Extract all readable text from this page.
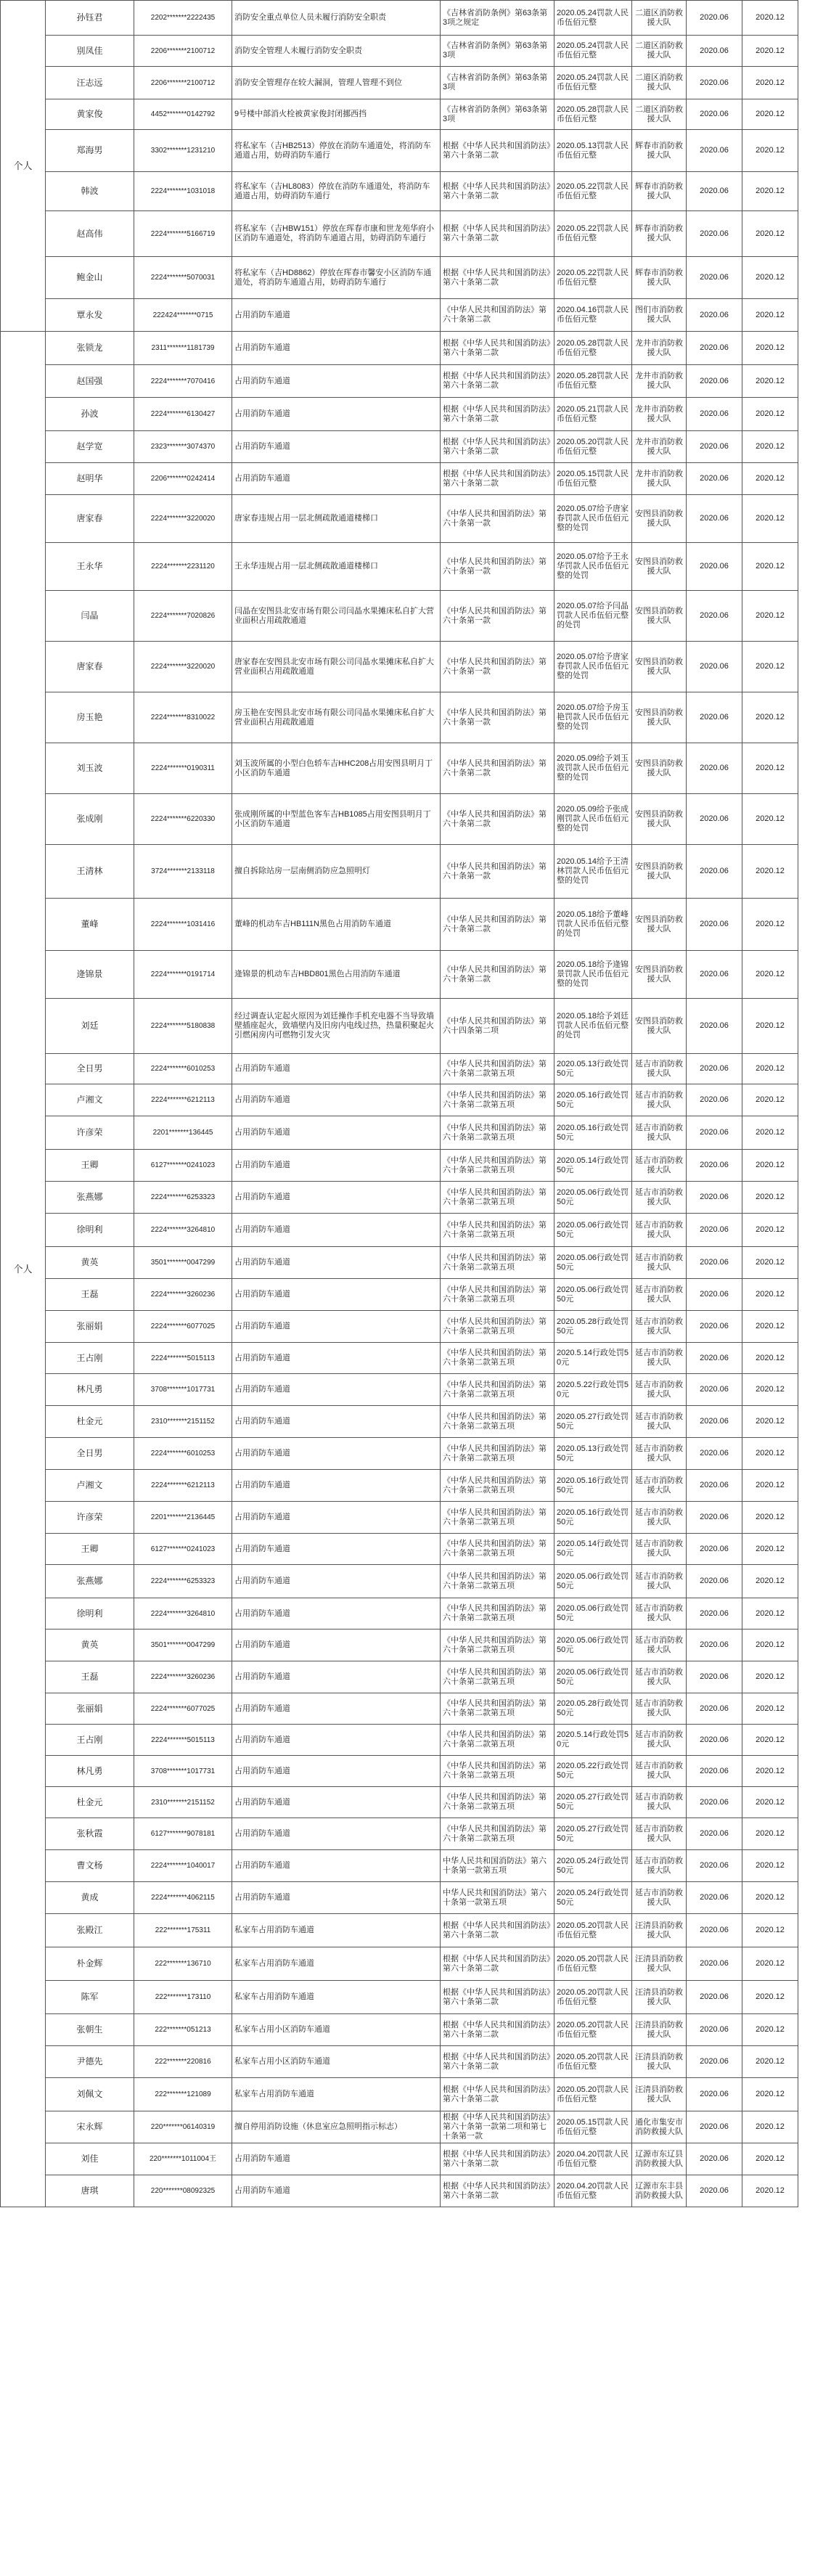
个人	孙钰君	2202*******2222435	消防安全重点单位人员未履行消防安全职责	《吉林省消防条例》第63条第3项之规定	2020.05.24罚款人民币伍佰元整	二道区消防救援大队	2020.06	2020.12
	别凤佳	2206*******2100712	消防安全管理人未履行消防安全职责	《吉林省消防条例》第63条第3项	2020.05.24罚款人民币伍佰元整	二道区消防救援大队	2020.06	2020.12
	汪志远	2206*******2100712	消防安全管理存在较大漏洞，管理人管理不到位	《吉林省消防条例》第63条第3项	2020.05.24罚款人民币伍佰元整	二道区消防救援大队	2020.06	2020.12
	黄家俊	4452*******0142792	9号楼中部消火栓被黄家俊封闭挪西挡	《吉林省消防条例》第63条第3项	2020.05.28罚款人民币伍佰元整	二道区消防救援大队	2020.06	2020.12
	郑海男	3302*******1231210	将私家车（吉HB2513）停放在消防车通道处，将消防车通道占用，妨碍消防车通行	根据《中华人民共和国消防法》第六十条第二款	2020.05.13罚款人民币伍佰元整	辉春市消防救援大队	2020.06	2020.12
	韩波	2224*******1031018	将私家车（吉HL8083）停放在消防车通道处，将消防车通道占用，妨碍消防车通行	根据《中华人民共和国消防法》第六十条第二款	2020.05.22罚款人民币伍佰元整	辉春市消防救援大队	2020.06	2020.12
	赵高伟	2224*******5166719	将私家车（吉HBW151）停放在珲春市康和世龙苑华府小区消防车通道处，将消防车通道占用，妨碍消防车通行	根据《中华人民共和国消防法》第六十条第二款	2020.05.22罚款人民币伍佰元整	辉春市消防救援大队	2020.06	2020.12
	鲍金山	2224*******5070031	将私家车（吉HD8862）停放在珲春市馨安小区消防车通道处，将消防车通道占用，妨碍消防车通行	根据《中华人民共和国消防法》第六十条第二款	2020.05.22罚款人民币伍佰元整	辉春市消防救援大队	2020.06	2020.12
	覃永发	222424*******0715	占用消防车通道	《中华人民共和国消防法》第六十条第二款	2020.04.16罚款人民币伍佰元整	图们市消防救援大队	2020.06	2020.12
个人	张锁龙	2311*******1181739	占用消防车通道	根据《中华人民共和国消防法》第六十条第二款	2020.05.28罚款人民币伍佰元整	龙井市消防救援大队	2020.06	2020.12
	赵国强	2224*******7070416	占用消防车通道	根据《中华人民共和国消防法》第六十条第二款	2020.05.28罚款人民币伍佰元整	龙井市消防救援大队	2020.06	2020.12
	孙波	2224*******6130427	占用消防车通道	根据《中华人民共和国消防法》第六十条第二款	2020.05.21罚款人民币伍佰元整	龙井市消防救援大队	2020.06	2020.12
	赵学宽	2323*******3074370	占用消防车通道	根据《中华人民共和国消防法》第六十条第二款	2020.05.20罚款人民币伍佰元整	龙井市消防救援大队	2020.06	2020.12
	赵明华	2206*******0242414	占用消防车通道	根据《中华人民共和国消防法》第六十条第二款	2020.05.15罚款人民币伍佰元整	龙井市消防救援大队	2020.06	2020.12
	唐家春	2224*******3220020	唐家春违规占用一层北侧疏散通道楼梯口	《中华人民共和国消防法》第六十条第一款	2020.05.07给予唐家春罚款人民币伍佰元整的处罚	安图县消防救援大队	2020.06	2020.12
	王永华	2224*******2231120	王永华违规占用一层北侧疏散通道楼梯口	《中华人民共和国消防法》第六十条第一款	2020.05.07给予王永华罚款人民币伍佰元整的处罚	安图县消防救援大队	2020.06	2020.12
	闫晶	2224*******7020826	闫晶在安图县北安市场有限公司闫晶水果摊床私自扩大营业面积占用疏散通道	《中华人民共和国消防法》第六十条第一款	2020.05.07给予闫晶罚款人民币伍佰元整的处罚	安图县消防救援大队	2020.06	2020.12
	唐家春	2224*******3220020	唐家春在安图县北安市场有限公司闫晶水果摊床私自扩大营业面积占用疏散通道	《中华人民共和国消防法》第六十条第一款	2020.05.07给予唐家春罚款人民币伍佰元整的处罚	安图县消防救援大队	2020.06	2020.12
	房玉艳	2224*******8310022	房玉艳在安图县北安市场有限公司闫晶水果摊床私自扩大营业面积占用疏散通道	《中华人民共和国消防法》第六十条第一款	2020.05.07给予房玉艳罚款人民币伍佰元整的处罚	安图县消防救援大队	2020.06	2020.12
	刘玉波	2224*******0190311	刘玉波所属的小型白色轿车吉HHC208占用安图县明月丁小区消防车通道	《中华人民共和国消防法》第六十条第二款	2020.05.09给予刘玉波罚款人民币伍佰元整的处罚	安图县消防救援大队	2020.06	2020.12
	张成刚	2224*******6220330	张成刚所属的中型蓝色客车吉HB1085占用安图县明月丁小区消防车通道	《中华人民共和国消防法》第六十条第二款	2020.05.09给予张成刚罚款人民币伍佰元整的处罚	安图县消防救援大队	2020.06	2020.12
	王清林	3724*******2133118	擅自拆除站房一层南侧消防应急照明灯	《中华人民共和国消防法》第六十条第一款	2020.05.14给予王清林罚款人民币伍佰元整的处罚	安图县消防救援大队	2020.06	2020.12
	董峰	2224*******1031416	董峰的机动车吉HB111N黑色占用消防车通道	《中华人民共和国消防法》第六十条第二款	2020.05.18给予董峰罚款人民币伍佰元整的处罚	安图县消防救援大队	2020.06	2020.12
	逄锦景	2224*******0191714	逄锦景的机动车吉HBD801黑色占用消防车通道	《中华人民共和国消防法》第六十条第二款	2020.05.18给予逄锦景罚款人民币伍佰元整的处罚	安图县消防救援大队	2020.06	2020.12
	刘廷	2224*******5180838	经过调查认定起火原因为刘廷操作手机充电器不当导致墙壁插座起火，致墙壁内及旧房内电线过热，热量积聚起火引燃闲房内可燃物引发火灾	《中华人民共和国消防法》第六十四条第二项	2020.05.18给予刘廷罚款人民币伍佰元整的处罚	安图县消防救援大队	2020.06	2020.12
	全日男	2224*******6010253	占用消防车通道	《中华人民共和国消防法》第六十条第二款第五项	2020.05.13行政处罚50元	延吉市消防救援大队	2020.06	2020.12
	卢湘文	2224*******6212113	占用消防车通道	《中华人民共和国消防法》第六十条第二款第五项	2020.05.16行政处罚50元	延吉市消防救援大队	2020.06	2020.12
	许彦荣	2201*******136445	占用消防车通道	《中华人民共和国消防法》第六十条第二款第五项	2020.05.16行政处罚50元	延吉市消防救援大队	2020.06	2020.12
	王卿	6127*******0241023	占用消防车通道	《中华人民共和国消防法》第六十条第二款第五项	2020.05.14行政处罚50元	延吉市消防救援大队	2020.06	2020.12
	张燕娜	2224*******6253323	占用消防车通道	《中华人民共和国消防法》第六十条第二款第五项	2020.05.06行政处罚50元	延吉市消防救援大队	2020.06	2020.12
	徐明利	2224*******3264810	占用消防车通道	《中华人民共和国消防法》第六十条第二款第五项	2020.05.06行政处罚50元	延吉市消防救援大队	2020.06	2020.12
	黄英	3501*******0047299	占用消防车通道	《中华人民共和国消防法》第六十条第二款第五项	2020.05.06行政处罚50元	延吉市消防救援大队	2020.06	2020.12
	王磊	2224*******3260236	占用消防车通道	《中华人民共和国消防法》第六十条第二款第五项	2020.05.06行政处罚50元	延吉市消防救援大队	2020.06	2020.12
	张丽娟	2224*******6077025	占用消防车通道	《中华人民共和国消防法》第六十条第二款第五项	2020.05.28行政处罚50元	延吉市消防救援大队	2020.06	2020.12
	王占刚	2224*******5015113	占用消防车通道	《中华人民共和国消防法》第六十条第二款第五项	2020.5.14行政处罚50元	延吉市消防救援大队	2020.06	2020.12
	林凡勇	3708*******1017731	占用消防车通道	《中华人民共和国消防法》第六十条第二款第五项	2020.5.22行政处罚50元	延吉市消防救援大队	2020.06	2020.12
	杜金元	2310*******2151152	占用消防车通道	《中华人民共和国消防法》第六十条第二款第五项	2020.05.27行政处罚50元	延吉市消防救援大队	2020.06	2020.12
	全日男	2224*******6010253	占用消防车通道	《中华人民共和国消防法》第六十条第二款第五项	2020.05.13行政处罚50元	延吉市消防救援大队	2020.06	2020.12
	卢湘文	2224*******6212113	占用消防车通道	《中华人民共和国消防法》第六十条第二款第五项	2020.05.16行政处罚50元	延吉市消防救援大队	2020.06	2020.12
	许彦荣	2201*******2136445	占用消防车通道	《中华人民共和国消防法》第六十条第二款第五项	2020.05.16行政处罚50元	延吉市消防救援大队	2020.06	2020.12
	王卿	6127*******0241023	占用消防车通道	《中华人民共和国消防法》第六十条第二款第五项	2020.05.14行政处罚50元	延吉市消防救援大队	2020.06	2020.12
	张燕娜	2224*******6253323	占用消防车通道	《中华人民共和国消防法》第六十条第二款第五项	2020.05.06行政处罚50元	延吉市消防救援大队	2020.06	2020.12
	徐明利	2224*******3264810	占用消防车通道	《中华人民共和国消防法》第六十条第二款第五项	2020.05.06行政处罚50元	延吉市消防救援大队	2020.06	2020.12
	黄英	3501*******0047299	占用消防车通道	《中华人民共和国消防法》第六十条第二款第五项	2020.05.06行政处罚50元	延吉市消防救援大队	2020.06	2020.12
	王磊	2224*******3260236	占用消防车通道	《中华人民共和国消防法》第六十条第二款第五项	2020.05.06行政处罚50元	延吉市消防救援大队	2020.06	2020.12
	张丽娟	2224*******6077025	占用消防车通道	《中华人民共和国消防法》第六十条第二款第五项	2020.05.28行政处罚50元	延吉市消防救援大队	2020.06	2020.12
	王占刚	2224*******5015113	占用消防车通道	《中华人民共和国消防法》第六十条第二款第五项	2020.5.14行政处罚50元	延吉市消防救援大队	2020.06	2020.12
	林凡勇	3708*******1017731	占用消防车通道	《中华人民共和国消防法》第六十条第二款第五项	2020.05.22行政处罚50元	延吉市消防救援大队	2020.06	2020.12
	杜金元	2310*******2151152	占用消防车通道	《中华人民共和国消防法》第六十条第二款第五项	2020.05.27行政处罚50元	延吉市消防救援大队	2020.06	2020.12
	张秋霞	6127*******9078181	占用消防车通道	《中华人民共和国消防法》第六十条第二款第五项	2020.05.27行政处罚50元	延吉市消防救援大队	2020.06	2020.12
	曹文杨	2224*******1040017	占用消防车通道	中华人民共和国消防法》第六十条第一款第五项	2020.05.24行政处罚50元	延吉市消防救援大队	2020.06	2020.12
	黄成	2224*******4062115	占用消防车通道	中华人民共和国消防法》第六十条第一款第五项	2020.05.24行政处罚50元	延吉市消防救援大队	2020.06	2020.12
	张殿江	222*******175311	私家车占用消防车通道	根据《中华人民共和国消防法》第六十条第二款	2020.05.20罚款人民币伍佰元整	汪清县消防救援大队	2020.06	2020.12
	朴金辉	222*******136710	私家车占用消防车通道	根据《中华人民共和国消防法》第六十条第二款	2020.05.20罚款人民币伍佰元整	汪清县消防救援大队	2020.06	2020.12
	陈军	222*******173110	私家车占用消防车通道	根据《中华人民共和国消防法》第六十条第二款	2020.05.20罚款人民币伍佰元整	汪清县消防救援大队	2020.06	2020.12
	张朝生	222*******051213	私家车占用小区消防车通道	根据《中华人民共和国消防法》第六十条第二款	2020.05.20罚款人民币伍佰元整	汪清县消防救援大队	2020.06	2020.12
	尹德先	222*******220816	私家车占用小区消防车通道	根据《中华人民共和国消防法》第六十条第二款	2020.05.20罚款人民币伍佰元整	汪清县消防救援大队	2020.06	2020.12
	刘佩文	222*******121089	私家车占用消防车通道	根据《中华人民共和国消防法》第六十条第二款	2020.05.20罚款人民币伍佰元整	汪清县消防救援大队	2020.06	2020.12
	宋永辉	220*******06140319	擅自停用消防设施（休息室应急照明指示标志）	根据《中华人民共和国消防法》第六十条第一款第二项和第七十条第一款	2020.05.15罚款人民币伍佰元整	通化市集安市消防救援大队	2020.06	2020.12
	刘佳	220*******1011004王	占用消防车通道	根据《中华人民共和国消防法》第六十条第二款	2020.04.20罚款人民币伍佰元整	辽源市东辽县消防救援大队	2020.06	2020.12
	唐琪	220*******08092325	占用消防车通道	根据《中华人民共和国消防法》第六十条第二款	2020.04.20罚款人民币伍佰元整	辽源市东丰县消防救援大队	2020.06	2020.12
